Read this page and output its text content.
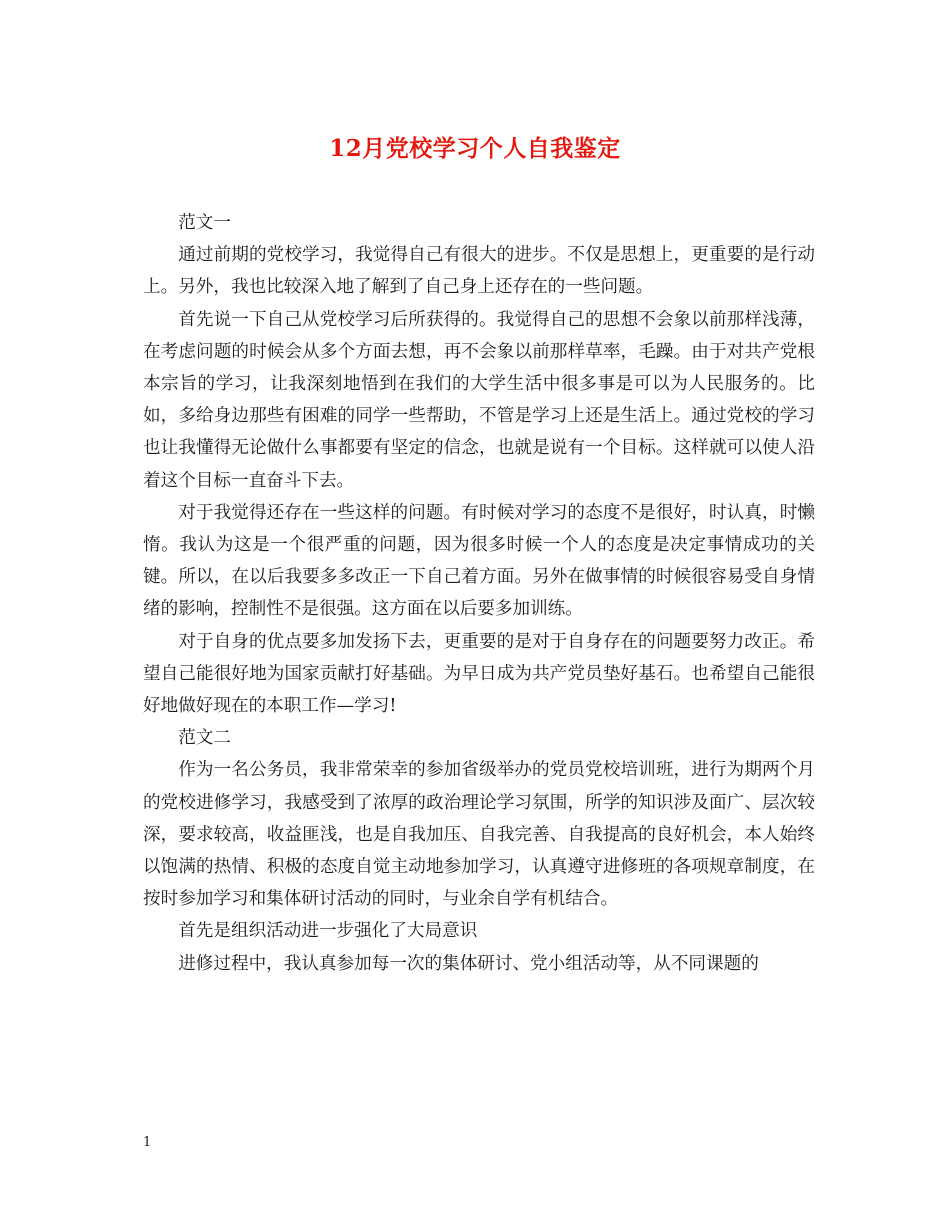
12月党校学习个人自我鉴定

范文一

通过前期的党校学习，我觉得自己有很大的进步。不仅是思想上，更重要的是行动上。另外，我也比较深入地了解到了自己身上还存在的一些问题。

首先说一下自己从党校学习后所获得的。我觉得自己的思想不会象以前那样浅薄，在考虑问题的时候会从多个方面去想，再不会象以前那样草率，毛躁。由于对共产党根本宗旨的学习，让我深刻地悟到在我们的大学生活中很多事是可以为人民服务的。比如，多给身边那些有困难的同学一些帮助，不管是学习上还是生活上。通过党校的学习也让我懂得无论做什么事都要有坚定的信念，也就是说有一个目标。这样就可以使人沿着这个目标一直奋斗下去。

对于我觉得还存在一些这样的问题。有时候对学习的态度不是很好，时认真，时懒惰。我认为这是一个很严重的问题，因为很多时候一个人的态度是决定事情成功的关键。所以，在以后我要多多改正一下自己着方面。另外在做事情的时候很容易受自身情绪的影响，控制性不是很强。这方面在以后要多加训练。

对于自身的优点要多加发扬下去，更重要的是对于自身存在的问题要努力改正。希望自己能很好地为国家贡献打好基础。为早日成为共产党员垫好基石。也希望自己能很好地做好现在的本职工作—学习!

范文二

作为一名公务员，我非常荣幸的参加省级举办的党员党校培训班，进行为期两个月的党校进修学习，我感受到了浓厚的政治理论学习氛围，所学的知识涉及面广、层次较深，要求较高，收益匪浅，也是自我加压、自我完善、自我提高的良好机会，本人始终以饱满的热情、积极的态度自觉主动地参加学习，认真遵守进修班的各项规章制度，在按时参加学习和集体研讨活动的同时，与业余自学有机结合。

首先是组织活动进一步强化了大局意识

进修过程中，我认真参加每一次的集体研讨、党小组活动等，从不同课题的

1
